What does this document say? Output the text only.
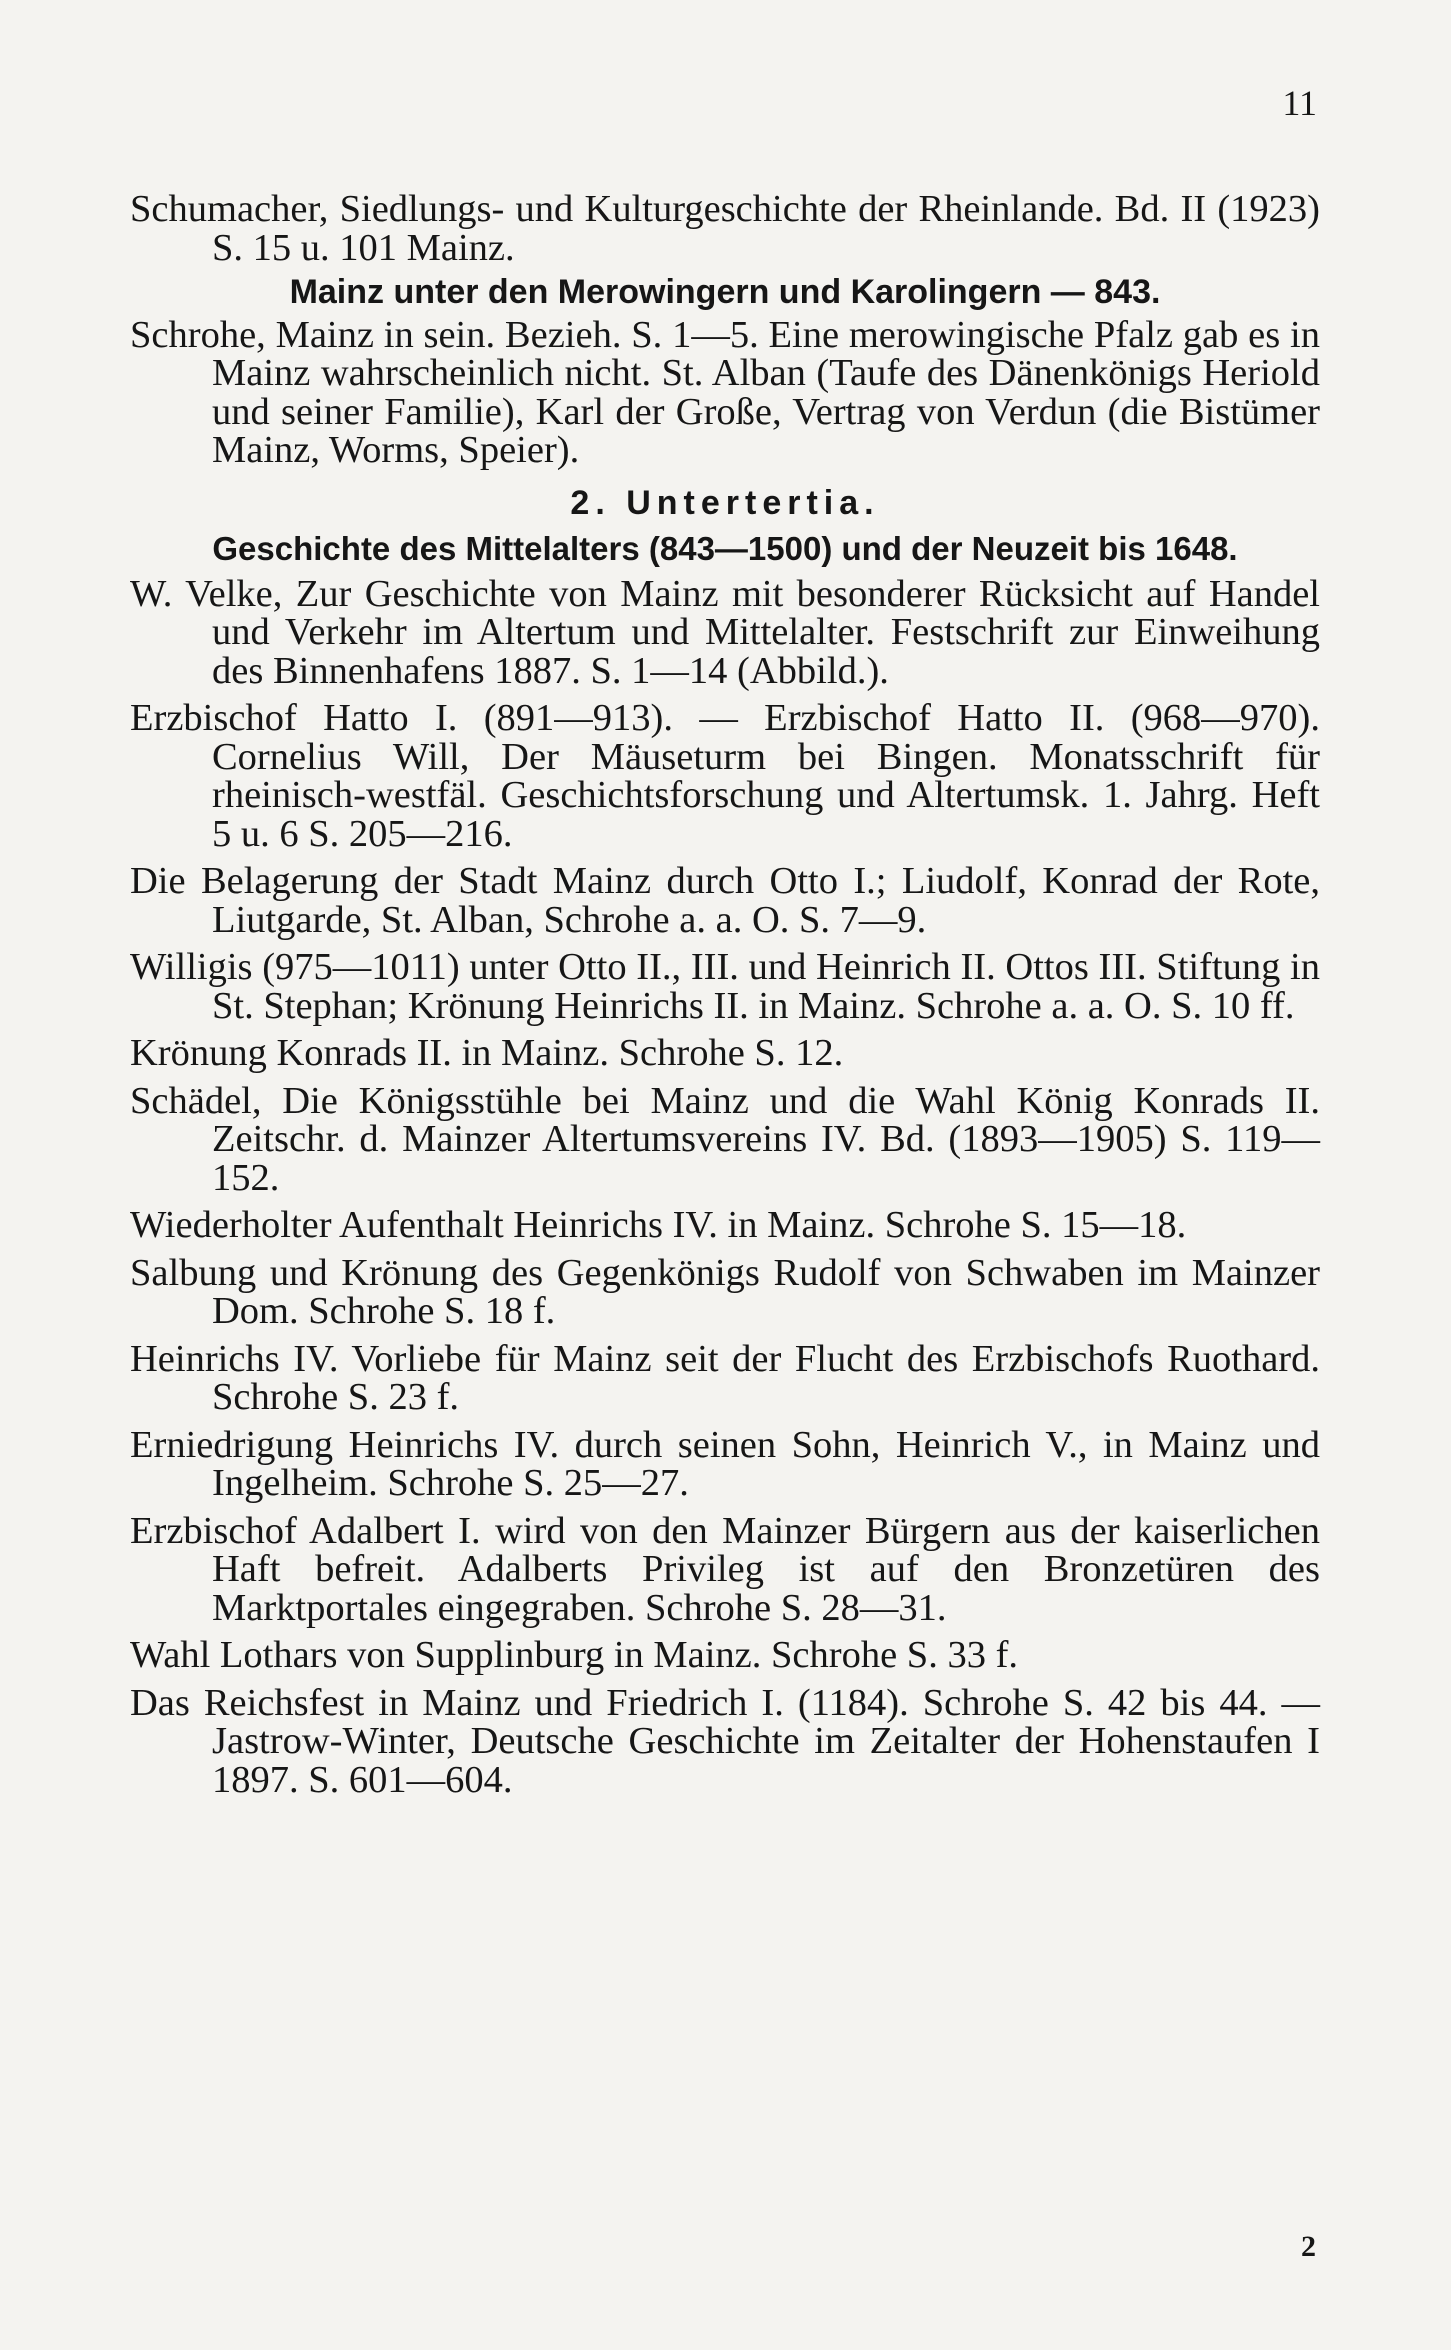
11

Schumacher, Siedlungs- und Kulturgeschichte der Rheinlande. Bd. II (1923) S. 15 u. 101 Mainz.

Mainz unter den Merowingern und Karolingern — 843.

Schrohe, Mainz in sein. Bezieh. S. 1—5. Eine merowingische Pfalz gab es in Mainz wahrscheinlich nicht. St. Alban (Taufe des Dänenkönigs Heriold und seiner Familie), Karl der Große, Vertrag von Verdun (die Bistümer Mainz, Worms, Speier).

2. Untertertia.
Geschichte des Mittelalters (843—1500) und der Neuzeit bis 1648.

W. Velke, Zur Geschichte von Mainz mit besonderer Rücksicht auf Handel und Verkehr im Altertum und Mittelalter. Festschrift zur Einweihung des Binnenhafens 1887. S. 1—14 (Abbild.).

Erzbischof Hatto I. (891—913). — Erzbischof Hatto II. (968—970). Cornelius Will, Der Mäuseturm bei Bingen. Monatsschrift für rheinisch-westfäl. Geschichtsforschung und Altertumsk. 1. Jahrg. Heft 5 u. 6 S. 205—216.

Die Belagerung der Stadt Mainz durch Otto I.; Liudolf, Konrad der Rote, Liutgarde, St. Alban, Schrohe a. a. O. S. 7—9.

Willigis (975—1011) unter Otto II., III. und Heinrich II. Ottos III. Stiftung in St. Stephan; Krönung Heinrichs II. in Mainz. Schrohe a. a. O. S. 10 ff.

Krönung Konrads II. in Mainz. Schrohe S. 12.

Schädel, Die Königsstühle bei Mainz und die Wahl König Konrads II. Zeitschr. d. Mainzer Altertumsvereins IV. Bd. (1893—1905) S. 119—152.

Wiederholter Aufenthalt Heinrichs IV. in Mainz. Schrohe S. 15—18.

Salbung und Krönung des Gegenkönigs Rudolf von Schwaben im Mainzer Dom. Schrohe S. 18 f.

Heinrichs IV. Vorliebe für Mainz seit der Flucht des Erzbischofs Ruothard. Schrohe S. 23 f.

Erniedrigung Heinrichs IV. durch seinen Sohn, Heinrich V., in Mainz und Ingelheim. Schrohe S. 25—27.

Erzbischof Adalbert I. wird von den Mainzer Bürgern aus der kaiserlichen Haft befreit. Adalberts Privileg ist auf den Bronzetüren des Marktportales eingegraben. Schrohe S. 28—31.

Wahl Lothars von Supplinburg in Mainz. Schrohe S. 33 f.

Das Reichsfest in Mainz und Friedrich I. (1184). Schrohe S. 42 bis 44. — Jastrow-Winter, Deutsche Geschichte im Zeitalter der Hohenstaufen I 1897. S. 601—604.

2
